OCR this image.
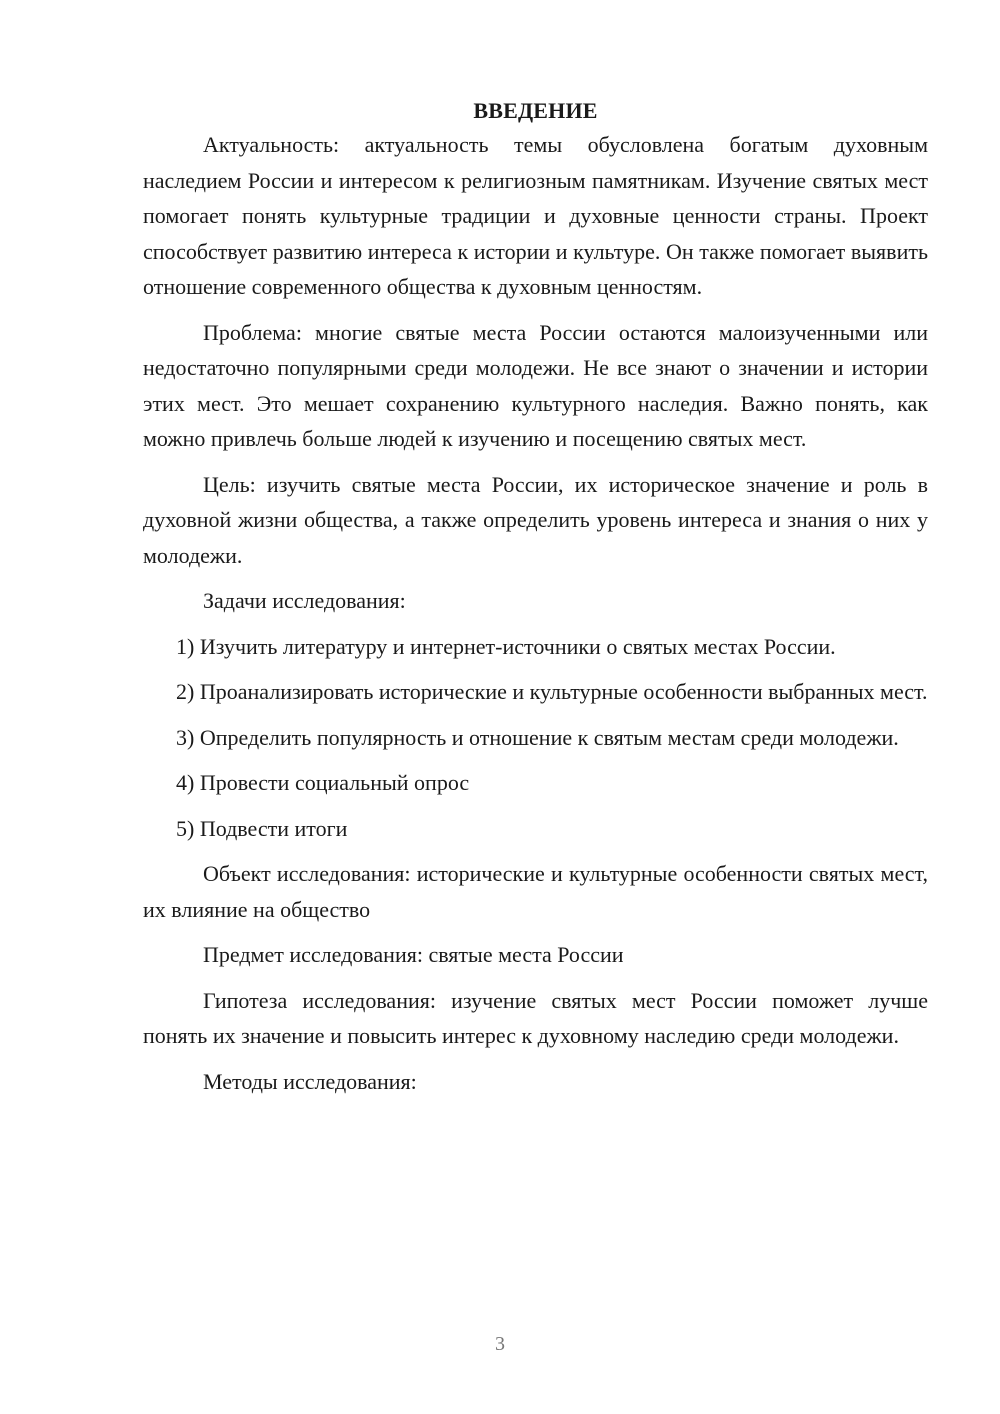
ВВЕДЕНИЕ

Актуальность: актуальность темы обусловлена богатым духовным наследием России и интересом к религиозным памятникам. Изучение святых мест помогает понять культурные традиции и духовные ценности страны. Проект способствует развитию интереса к истории и культуре. Он также помогает выявить отношение современного общества к духовным ценностям.

Проблема: многие святые места России остаются малоизученными или недостаточно популярными среди молодежи. Не все знают о значении и истории этих мест. Это мешает сохранению культурного наследия. Важно понять, как можно привлечь больше людей к изучению и посещению святых мест.

Цель: изучить святые места России, их историческое значение и роль в духовной жизни общества, а также определить уровень интереса и знания о них у молодежи.

Задачи исследования:

1) Изучить литературу и интернет-источники о святых местах России.

2) Проанализировать исторические и культурные особенности выбранных мест.

3) Определить популярность и отношение к святым местам среди молодежи.

4) Провести социальный опрос

5) Подвести итоги

Объект исследования: исторические и культурные особенности святых мест, их влияние на общество

Предмет исследования: святые места России

Гипотеза исследования: изучение святых мест России поможет лучше понять их значение и повысить интерес к духовному наследию среди молодежи.

Методы исследования:

3
